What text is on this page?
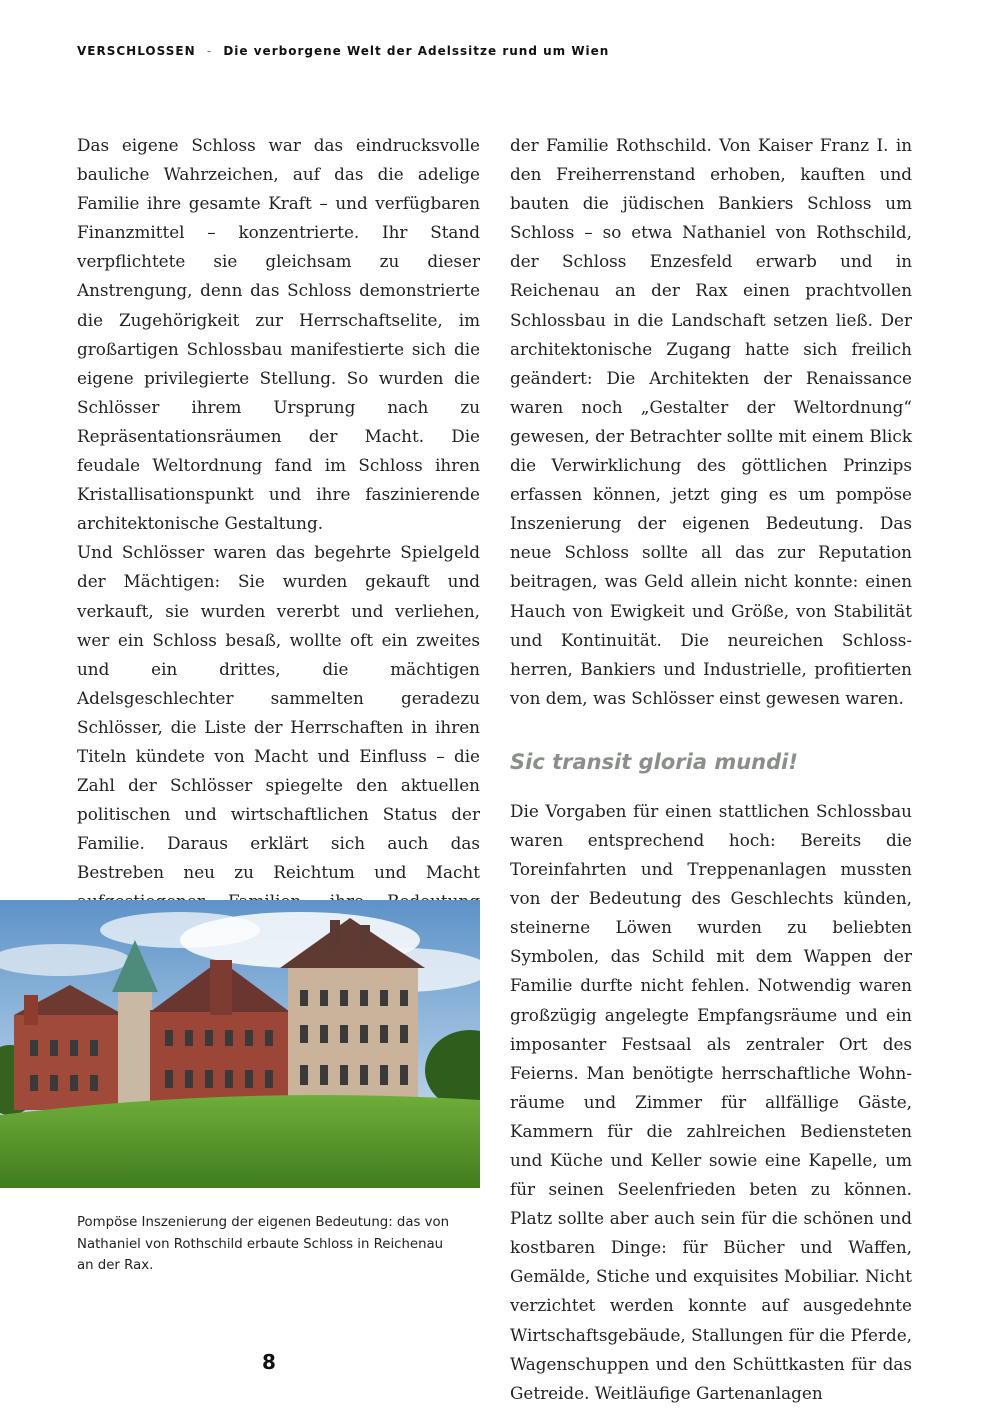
VERSCHLOSSEN - Die verborgene Welt der Adelssitze rund um Wien

Das eigene Schloss war das eindrucksvolle bauliche Wahrzeichen, auf das die adelige Familie ihre gesamte Kraft – und verfügbaren Finanzmittel – konzentrierte. Ihr Stand verpflichtete sie gleichsam zu dieser Anstrengung, denn das Schloss demonstrierte die Zugehörigkeit zur Herrschaftselite, im großartigen Schlossbau manifestierte sich die eigene privilegierte Stellung. So wurden die Schlösser ihrem Ursprung nach zu Repräsentationsräumen der Macht. Die feudale Weltordnung fand im Schloss ihren Kristallisationspunkt und ihre faszinierende architektonische Gestaltung.

Und Schlösser waren das begehrte Spielgeld der Mächtigen: Sie wurden gekauft und verkauft, sie wurden vererbt und verliehen, wer ein Schloss besaß, wollte oft ein zweites und ein drittes, die mächtigen Adelsgeschlechter sammelten geradezu Schlösser, die Liste der Herrschaften in ihren Titeln kündete von Macht und Einfluss – die Zahl der Schlösser spiegelte den aktuellen politischen und wirtschaftlichen Status der Familie. Daraus erklärt sich auch das Bestreben neu zu Reichtum und Macht

Pompöse Inszenierung der eigenen Bedeutung: das von Nathaniel von Rothschild erbaute Schloss in Reichenau an der Rax.

der Familie Rothschild. Von Kaiser Franz I. in den Freiherrenstand erhoben, kauften und bauten die jüdischen Bankiers Schloss um Schloss – so etwa Nathaniel von Rothschild, der Schloss Enzesfeld erwarb und in Reichenau an der Rax einen prachtvollen Schlossbau in die Landschaft setzen ließ. Der architektonische Zugang hatte sich freilich geändert: Die Architekten der Renaissance waren noch „Gestalter der Weltordnung“ gewesen, der Betrachter sollte mit einem Blick die Verwirklichung des göttlichen Prinzips erfassen können, jetzt ging es um pompöse Inszenierung der eigenen Bedeutung. Das neue Schloss sollte all das zur Reputation beitragen, was Geld allein nicht konnte: einen Hauch von Ewigkeit und Größe, von Stabilität und Kontinuität. Die neureichen Schlossherren, Bankiers und Industrielle, profitierten von dem, was Schlösser einst gewesen waren.

Sic transit gloria mundi!

Die Vorgaben für einen stattlichen Schlossbau waren entsprechend hoch: Bereits die Toreinfahrten und Treppenanlagen mussten von der Bedeutung des Geschlechts künden, steinerne Löwen wurden zu beliebten Symbolen, das Schild mit dem Wappen der Familie durfte nicht fehlen. Notwendig waren großzügig angelegte Empfangsräume und ein imposanter Festsaal als zentraler Ort des Feierns. Man benötigte herrschaftliche Wohnräume und Zimmer für allfällige Gäste, Kammern für die zahlreichen Bediensteten und Küche und Keller sowie eine Kapelle, um für seinen Seelenfrieden beten zu können. Platz sollte aber auch sein für die schönen und kostbaren Dinge: für Bücher und Waffen, Gemälde, Stiche und exquisites Mobiliar. Nicht verzichtet werden konnte auf ausgedehnte Wirtschaftsgebäude, Stallungen für die Pferde, Wagenschuppen und den Schüttkasten für das Getreide. Weitläufige Gartenanlagen

8
